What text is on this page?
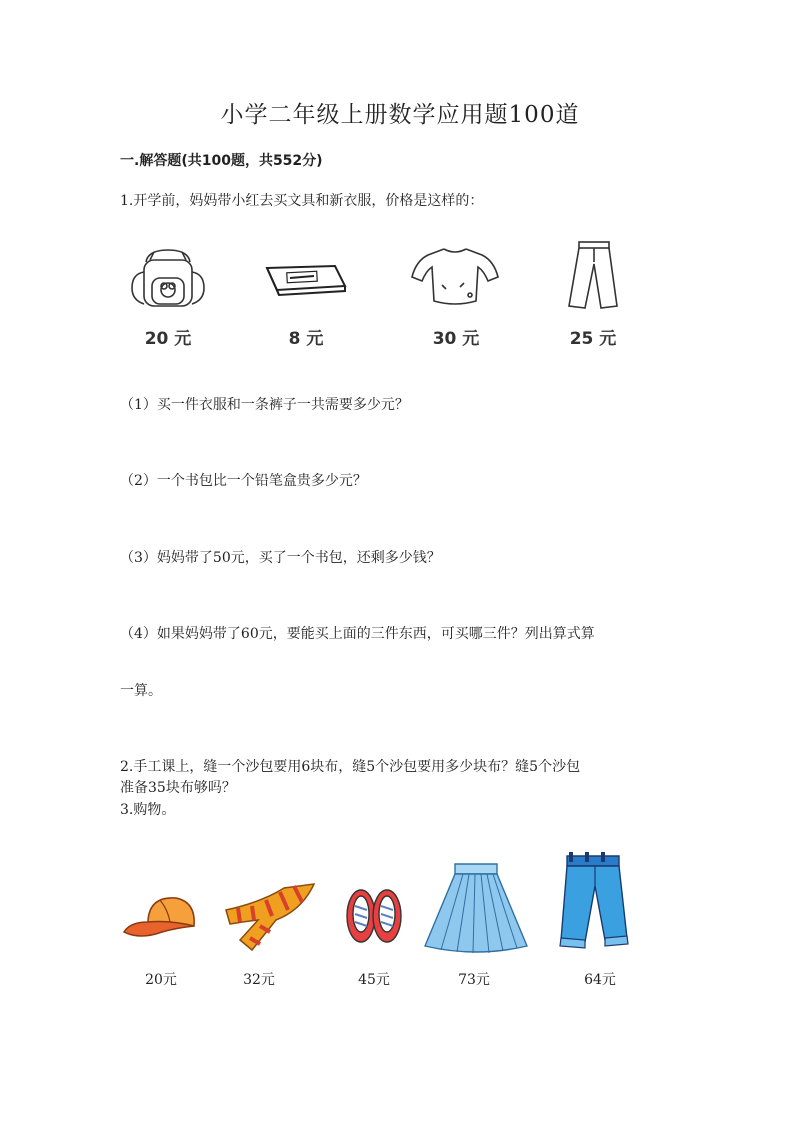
小学二年级上册数学应用题100道
一.解答题(共100题，共552分)
1.开学前，妈妈带小红去买文具和新衣服，价格是这样的：
20 元	8 元	30 元	25 元
（1）买一件衣服和一条裤子一共需要多少元？
（2）一个书包比一个铅笔盒贵多少元？
（3）妈妈带了50元，买了一个书包，还剩多少钱？
（4）如果妈妈带了60元，要能买上面的三件东西，可买哪三件？列出算式算
一算。
2.手工课上，缝一个沙包要用6块布，缝5个沙包要用多少块布？缝5个沙包
准备35块布够吗？
3.购物。
20元	32元	45元	73元	64元
